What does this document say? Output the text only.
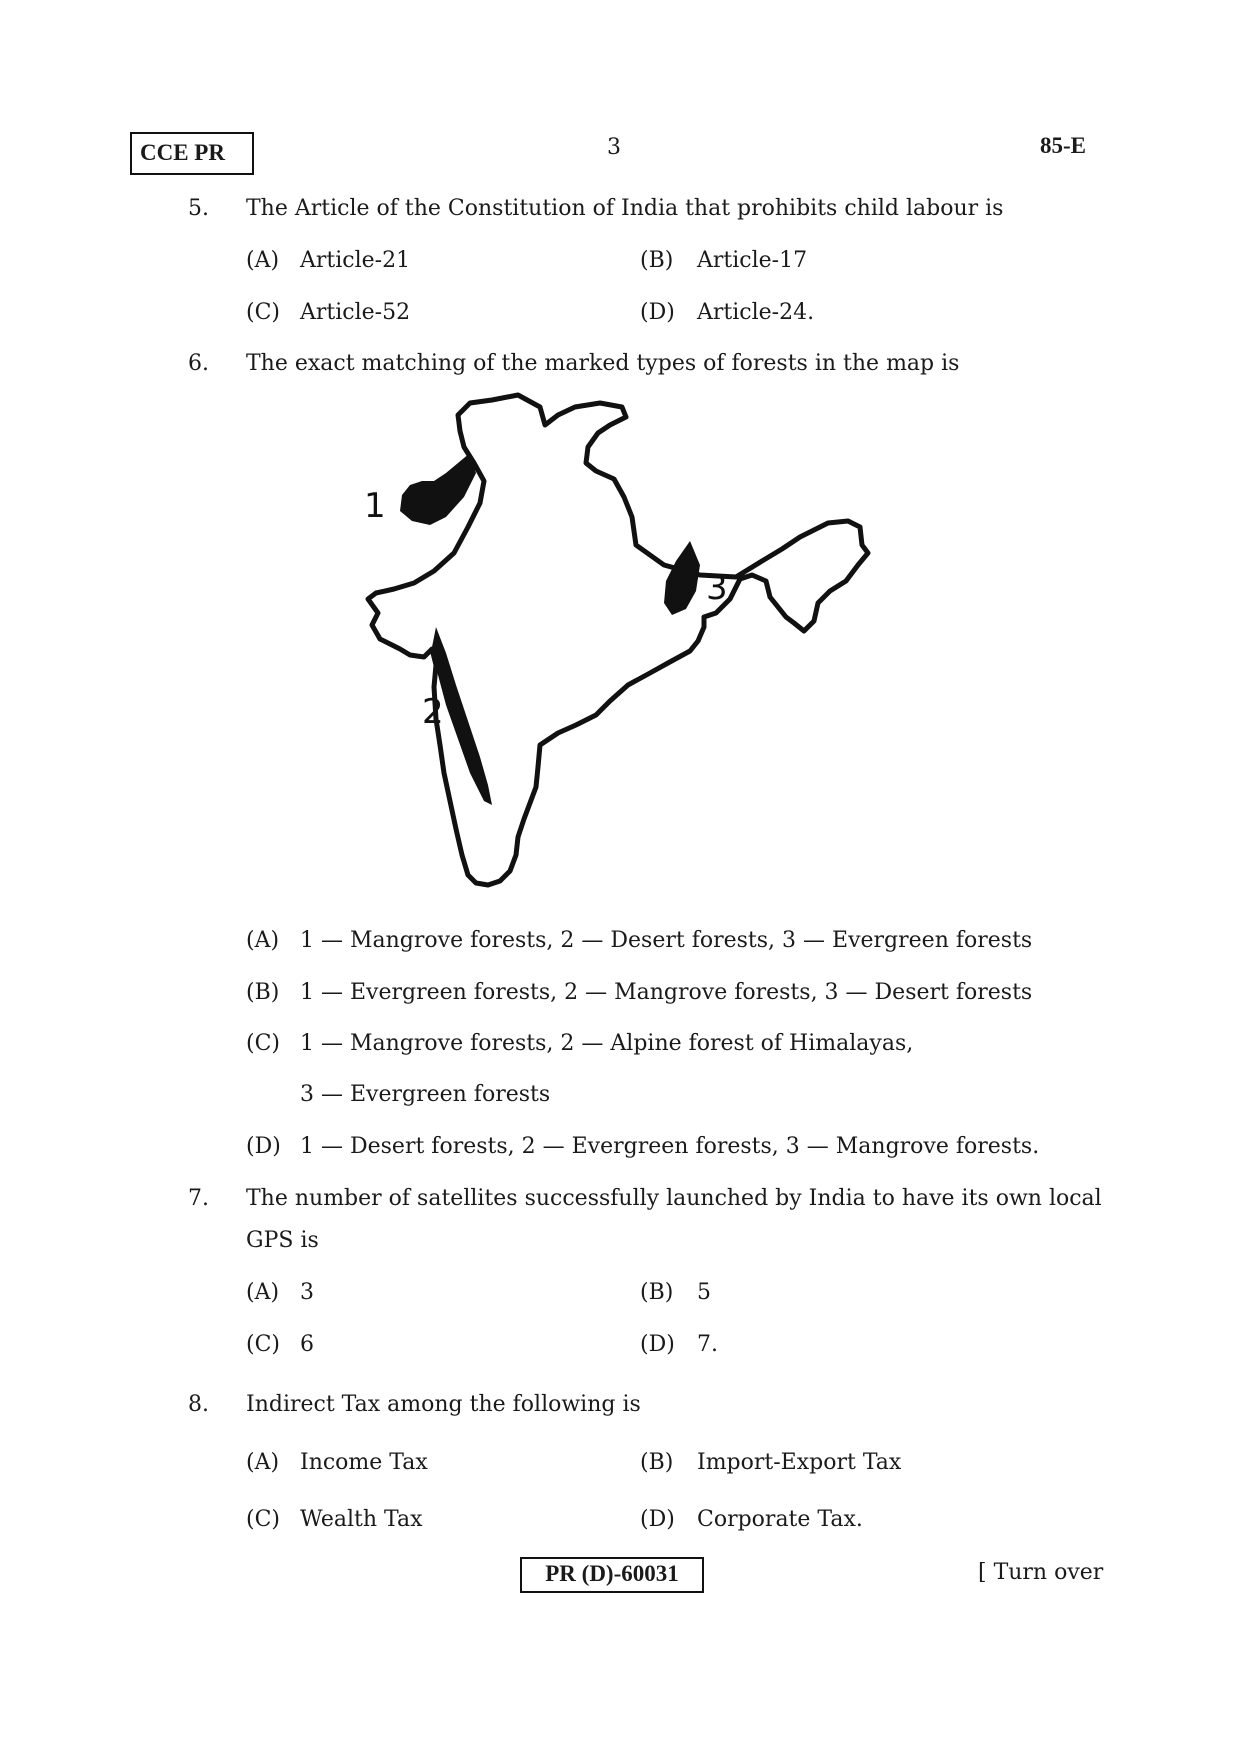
CCE PR	3	85-E
5. The Article of the Constitution of India that prohibits child labour is
(A) Article-21	(B) Article-17
(C) Article-52	(D) Article-24.
6. The exact matching of the marked types of forests in the map is
1
2
3
(A) 1 — Mangrove forests, 2 — Desert forests, 3 — Evergreen forests
(B) 1 — Evergreen forests, 2 — Mangrove forests, 3 — Desert forests
(C) 1 — Mangrove forests, 2 — Alpine forest of Himalayas,
3 — Evergreen forests
(D) 1 — Desert forests, 2 — Evergreen forests, 3 — Mangrove forests.
7. The number of satellites successfully launched by India to have its own local
GPS is
(A) 3	(B) 5
(C) 6	(D) 7.
8. Indirect Tax among the following is
(A) Income Tax	(B) Import-Export Tax
(C) Wealth Tax	(D) Corporate Tax.
PR (D)-60031	[ Turn over
